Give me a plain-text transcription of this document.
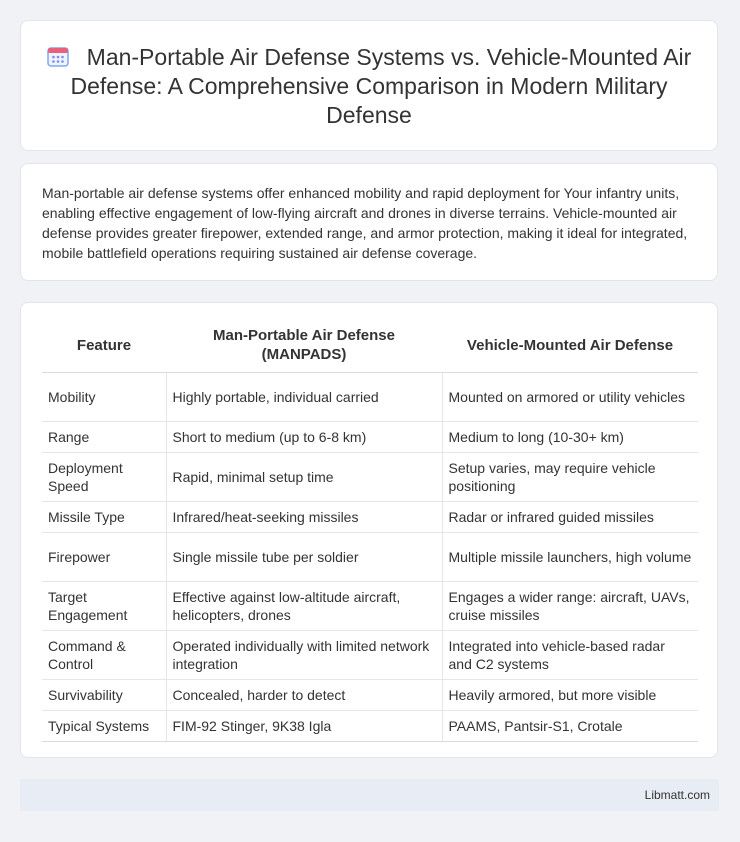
Man-Portable Air Defense Systems vs. Vehicle-Mounted Air Defense: A Comprehensive Comparison in Modern Military Defense

Man-portable air defense systems offer enhanced mobility and rapid deployment for Your infantry units, enabling effective engagement of low-flying aircraft and drones in diverse terrains. Vehicle-mounted air defense provides greater firepower, extended range, and armor protection, making it ideal for integrated, mobile battlefield operations requiring sustained air defense coverage.

Feature	Man-Portable Air Defense (MANPADS)	Vehicle-Mounted Air Defense
Mobility	Highly portable, individual carried	Mounted on armored or utility vehicles
Range	Short to medium (up to 6-8 km)	Medium to long (10-30+ km)
Deployment Speed	Rapid, minimal setup time	Setup varies, may require vehicle positioning
Missile Type	Infrared/heat-seeking missiles	Radar or infrared guided missiles
Firepower	Single missile tube per soldier	Multiple missile launchers, high volume
Target Engagement	Effective against low-altitude aircraft, helicopters, drones	Engages a wider range: aircraft, UAVs, cruise missiles
Command & Control	Operated individually with limited network integration	Integrated into vehicle-based radar and C2 systems
Survivability	Concealed, harder to detect	Heavily armored, but more visible
Typical Systems	FIM-92 Stinger, 9K38 Igla	PAAMS, Pantsir-S1, Crotale
Libmatt.com
